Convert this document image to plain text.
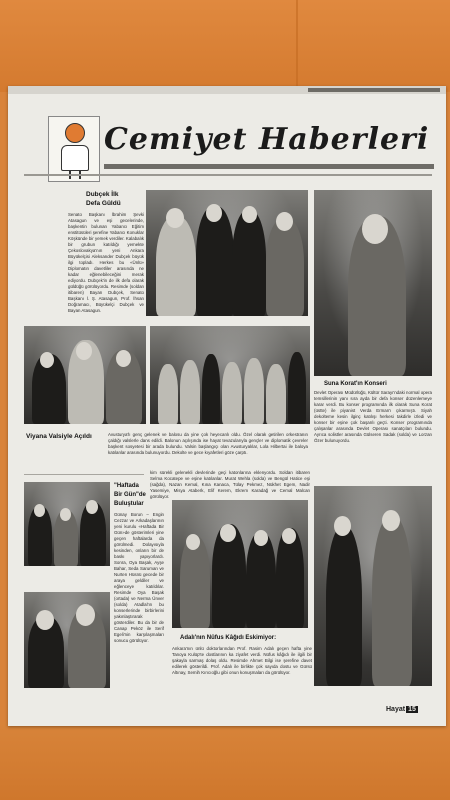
Cemiyet Haberleri
Dubçek İlk
Defa Güldü
Senato Başkanı İbrahim Şevki Atasagun ve eşi gecelerinde, başkentin bulunan Yabancı Eğitim enstitüsüleri şerefine Yabancı Konuklar Köşkünde bir yemek verdiler. Kalabalık bir grubun katıldığı yemekte Çekoslovakya'nın yeni Ankara Büyükelçisi Aleksander Dubçek büyük ilgi topladı. Herkes bu «Ünlü» Diplomatın davetliler arasında ne kadar eğlenebileceğini merak ediyordu. Dubçek'in de ilk defa olarak güldüğü görülüyordu. Resimde (soldan itibaren) Bayan Dubçek, Senato Başkanı İ. Ş. Atasagun, Prof. İhsan Doğramacı, Büyükelçi Dubçek ve Bayan Atasagun.
Suna Korat'ın Konseri
Devlet Operası Müdürlüğü, Kültür Sarayı'ndaki normal opera temsillerinin yanı sıra ayda bir defa konser düzenlemeye karar verdi. Bu konser programında ilk olarak Suna Korat (üstte) ile piyanist Verda Erman'ı çıkarmıştı. Siyah dekolteme kesin ilginç katılışı herkesi takdirle izledi ve konser bir eşine çok başarılı geçti. Konser programında çalışanlar arasında Devlet Operası sanatçıları bulundu. Ayrıca solistler arasında Gülseren Sadak (solda) ve Lorzan Özer bulunuyordu.
Viyana Valsiyle Açıldı	Avusturya'lı genç gelenek ve balosu da yine çok heyecanlı oldu. Özel olarak getirilen orkestranın çaldığı valslerle dans edildi. Balonun açılışında ise hayat tevazularıyla gençler ve diplomatik çevreler başkent sosyetesi bir arada bulundu. Valsin başlangıçı olan Avusturyalılar, Lola Hilbertai ile baloya katılanlar arasında bulunuyordu. Dekolte ve gece kıyafetleri göze çarptı.
kim sürekli gelenekli devlerinde geçi katonlarına eklenyordu. Soldan itibaren Selma Kocatepe ve eşine katılanlar. Murat Wehla (solda) ve Bengül Hatice eşi (sağda), Nazan Kemal, Kına Kanaca, Tülay Pekmez, Nükhet Egem, Nadir Yasemiye, Misya Ataberk, Elif Kerem, Ekrem Karadağ ve Cemal Malcan görülüyor.
"Haftada
Bir Gün"de
Buluştular
Günay Borun – Engin Cezzar ve Arkadaşlarının yeni kurulu «Haftada Bir Gün»de gösterimleri yine geçen haftalarda da görülmedi. Dolayısıyla kesinden, onların bir de baskı yapıyorlardı. Sonra, Oya Başak, Ayşe Bahar, Seda Saruman ve Nurten Hüsnü gecede bir araya geldiler ve eğlenceye katıldılar. Resimde Oya Başak (ortada) ve Nerma Ünver (solda) Atadlal'ın bu konserlerinde birbirlerini yakınlaştırarak gösterdiler. Bu da bir de Canap Peköz ile Serif Egeli'nin karşılaşmaları sonucu görülüyor.	Adalı'nın Nüfus Kâğıdı Eskimiyor:
Ankara'nın ünlü doktorlarından Prof. Rasim Adalı geçen hafta yine Tanoya Kulüp'te dostlarının ka ziyafet verdi. Nüfus kâğıdı ile ilgili bir şakayla sarmaş dolaş oldu. Resimde Ahmet Bilgi ise şerefine davet edilerek gösterildi. Prof. Adalı ile birlikte çok sayıda dostu ve Gürsü Altınay, Semih Kırıcıoğlu gibi onun konuşmaları da görülüyor.
Hayat 15
